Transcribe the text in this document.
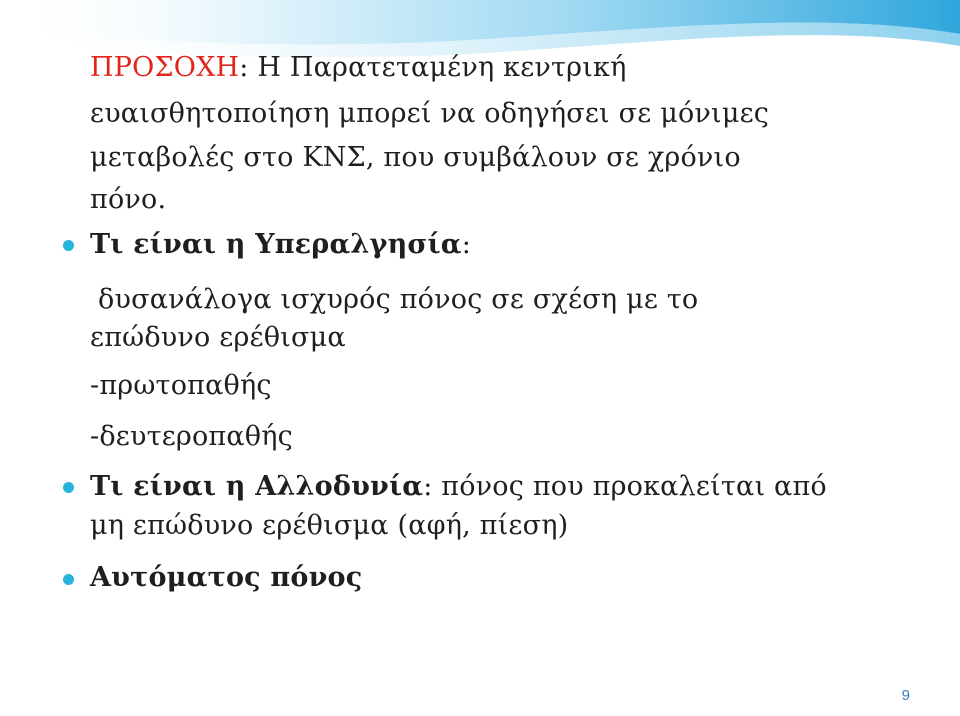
ΠΡΟΣΟΧΗ: Η Παρατεταμένη κεντρική
ευαισθητοποίηση μπορεί να οδηγήσει σε μόνιμες
μεταβολές στο ΚΝΣ, που συμβάλουν σε χρόνιο
πόνο.
Τι είναι η Υπεραλγησία:
δυσανάλογα ισχυρός πόνος σε σχέση με το
επώδυνο ερέθισμα
-πρωτοπαθής
-δευτεροπαθής
Τι είναι η Αλλοδυνία: πόνος που προκαλείται από
μη επώδυνο ερέθισμα (αφή, πίεση)
Αυτόματος πόνος
9
